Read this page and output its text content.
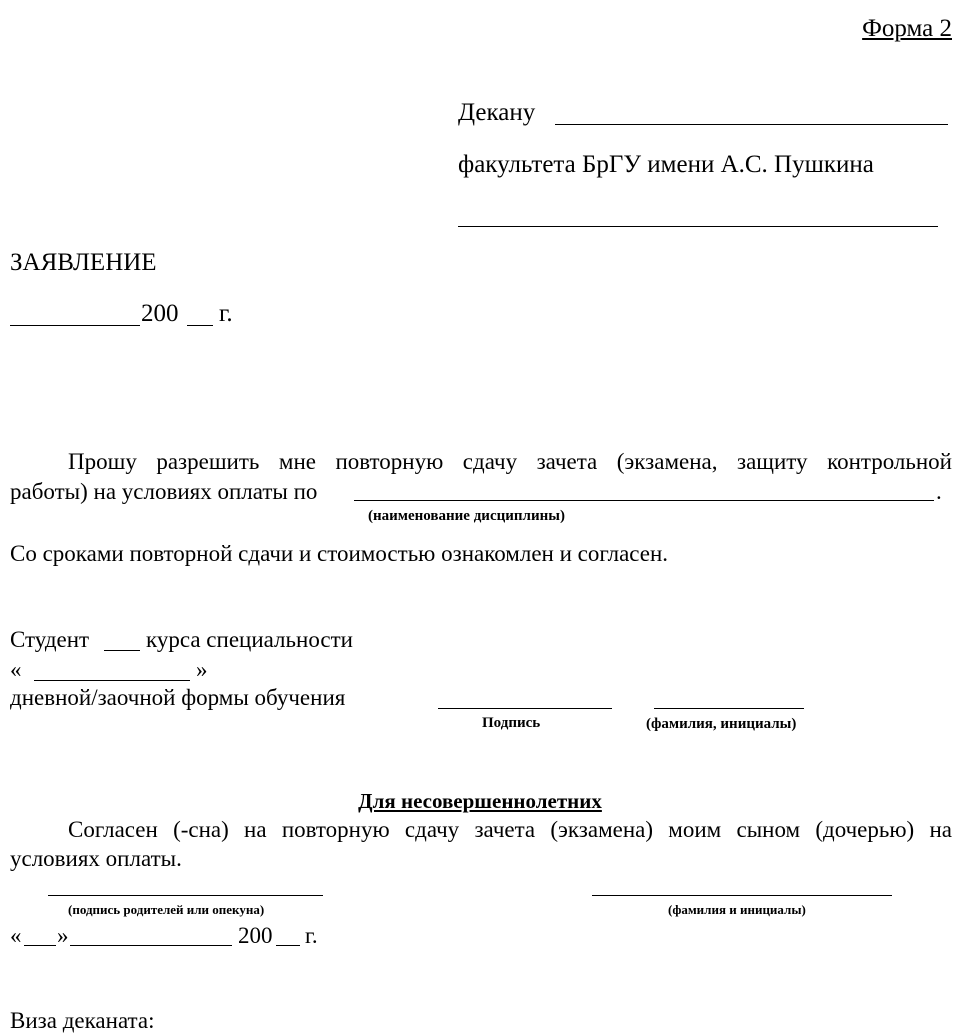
Форма 2
Декану
факультета БрГУ имени А.С. Пушкина
ЗАЯВЛЕНИЕ
200 г.
Прошу разрешить мне повторную сдачу зачета (экзамена, защиту контрольной
работы) на условиях оплаты по	.
(наименование дисциплины)
Со сроками повторной сдачи и стоимостью ознакомлен и согласен.
Студент курса специальности
«	»
дневной/заочной формы обучения
Подпись	(фамилия, инициалы)
Для несовершеннолетних
Согласен (-сна) на повторную сдачу зачета (экзамена) моим сыном (дочерью) на
условиях оплаты.
(подпись родителей или опекуна)	(фамилия и инициалы)
« »	200 г.
Виза деканата:
